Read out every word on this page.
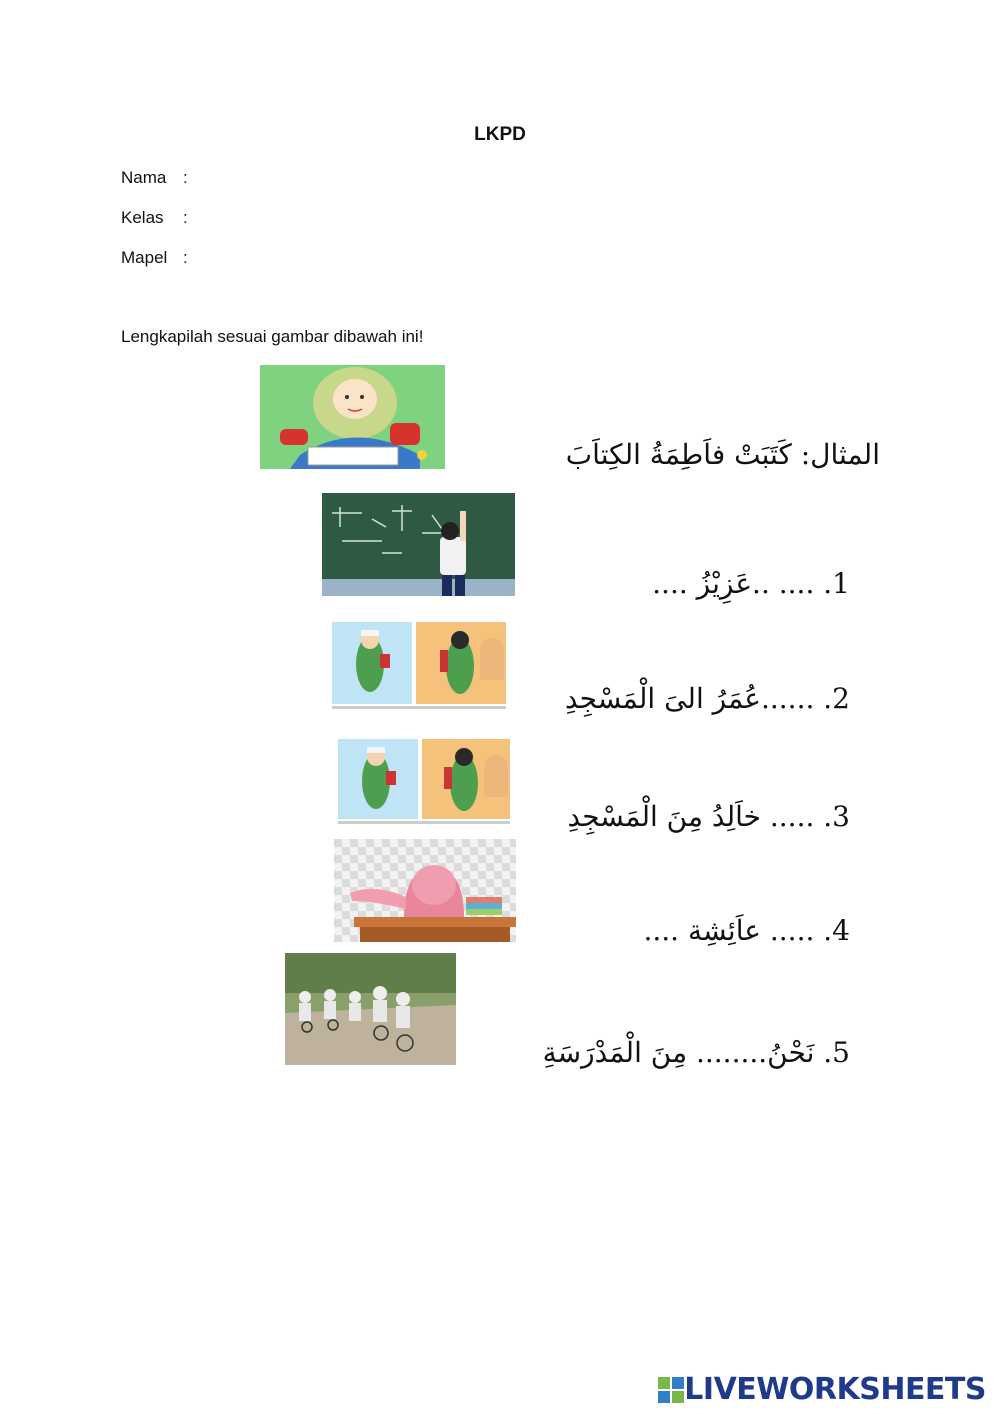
LKPD
Nama :
Kelas :
Mapel :
Lengkapilah sesuai gambar dibawah ini!
المثال: كَتَبَتْ فاَطِمَةُ الكِتاَبَ
1. .... ..عَزِيْزُ ....
2. ......عُمَرُ الىَ الْمَسْجِدِ
3. ..... خاَلِدُ مِنَ الْمَسْجِدِ
4. ..... عاَئِشِة ....
5. نَحْنُ........ مِنَ الْمَدْرَسَةِ
LIVEWORKSHEETS
